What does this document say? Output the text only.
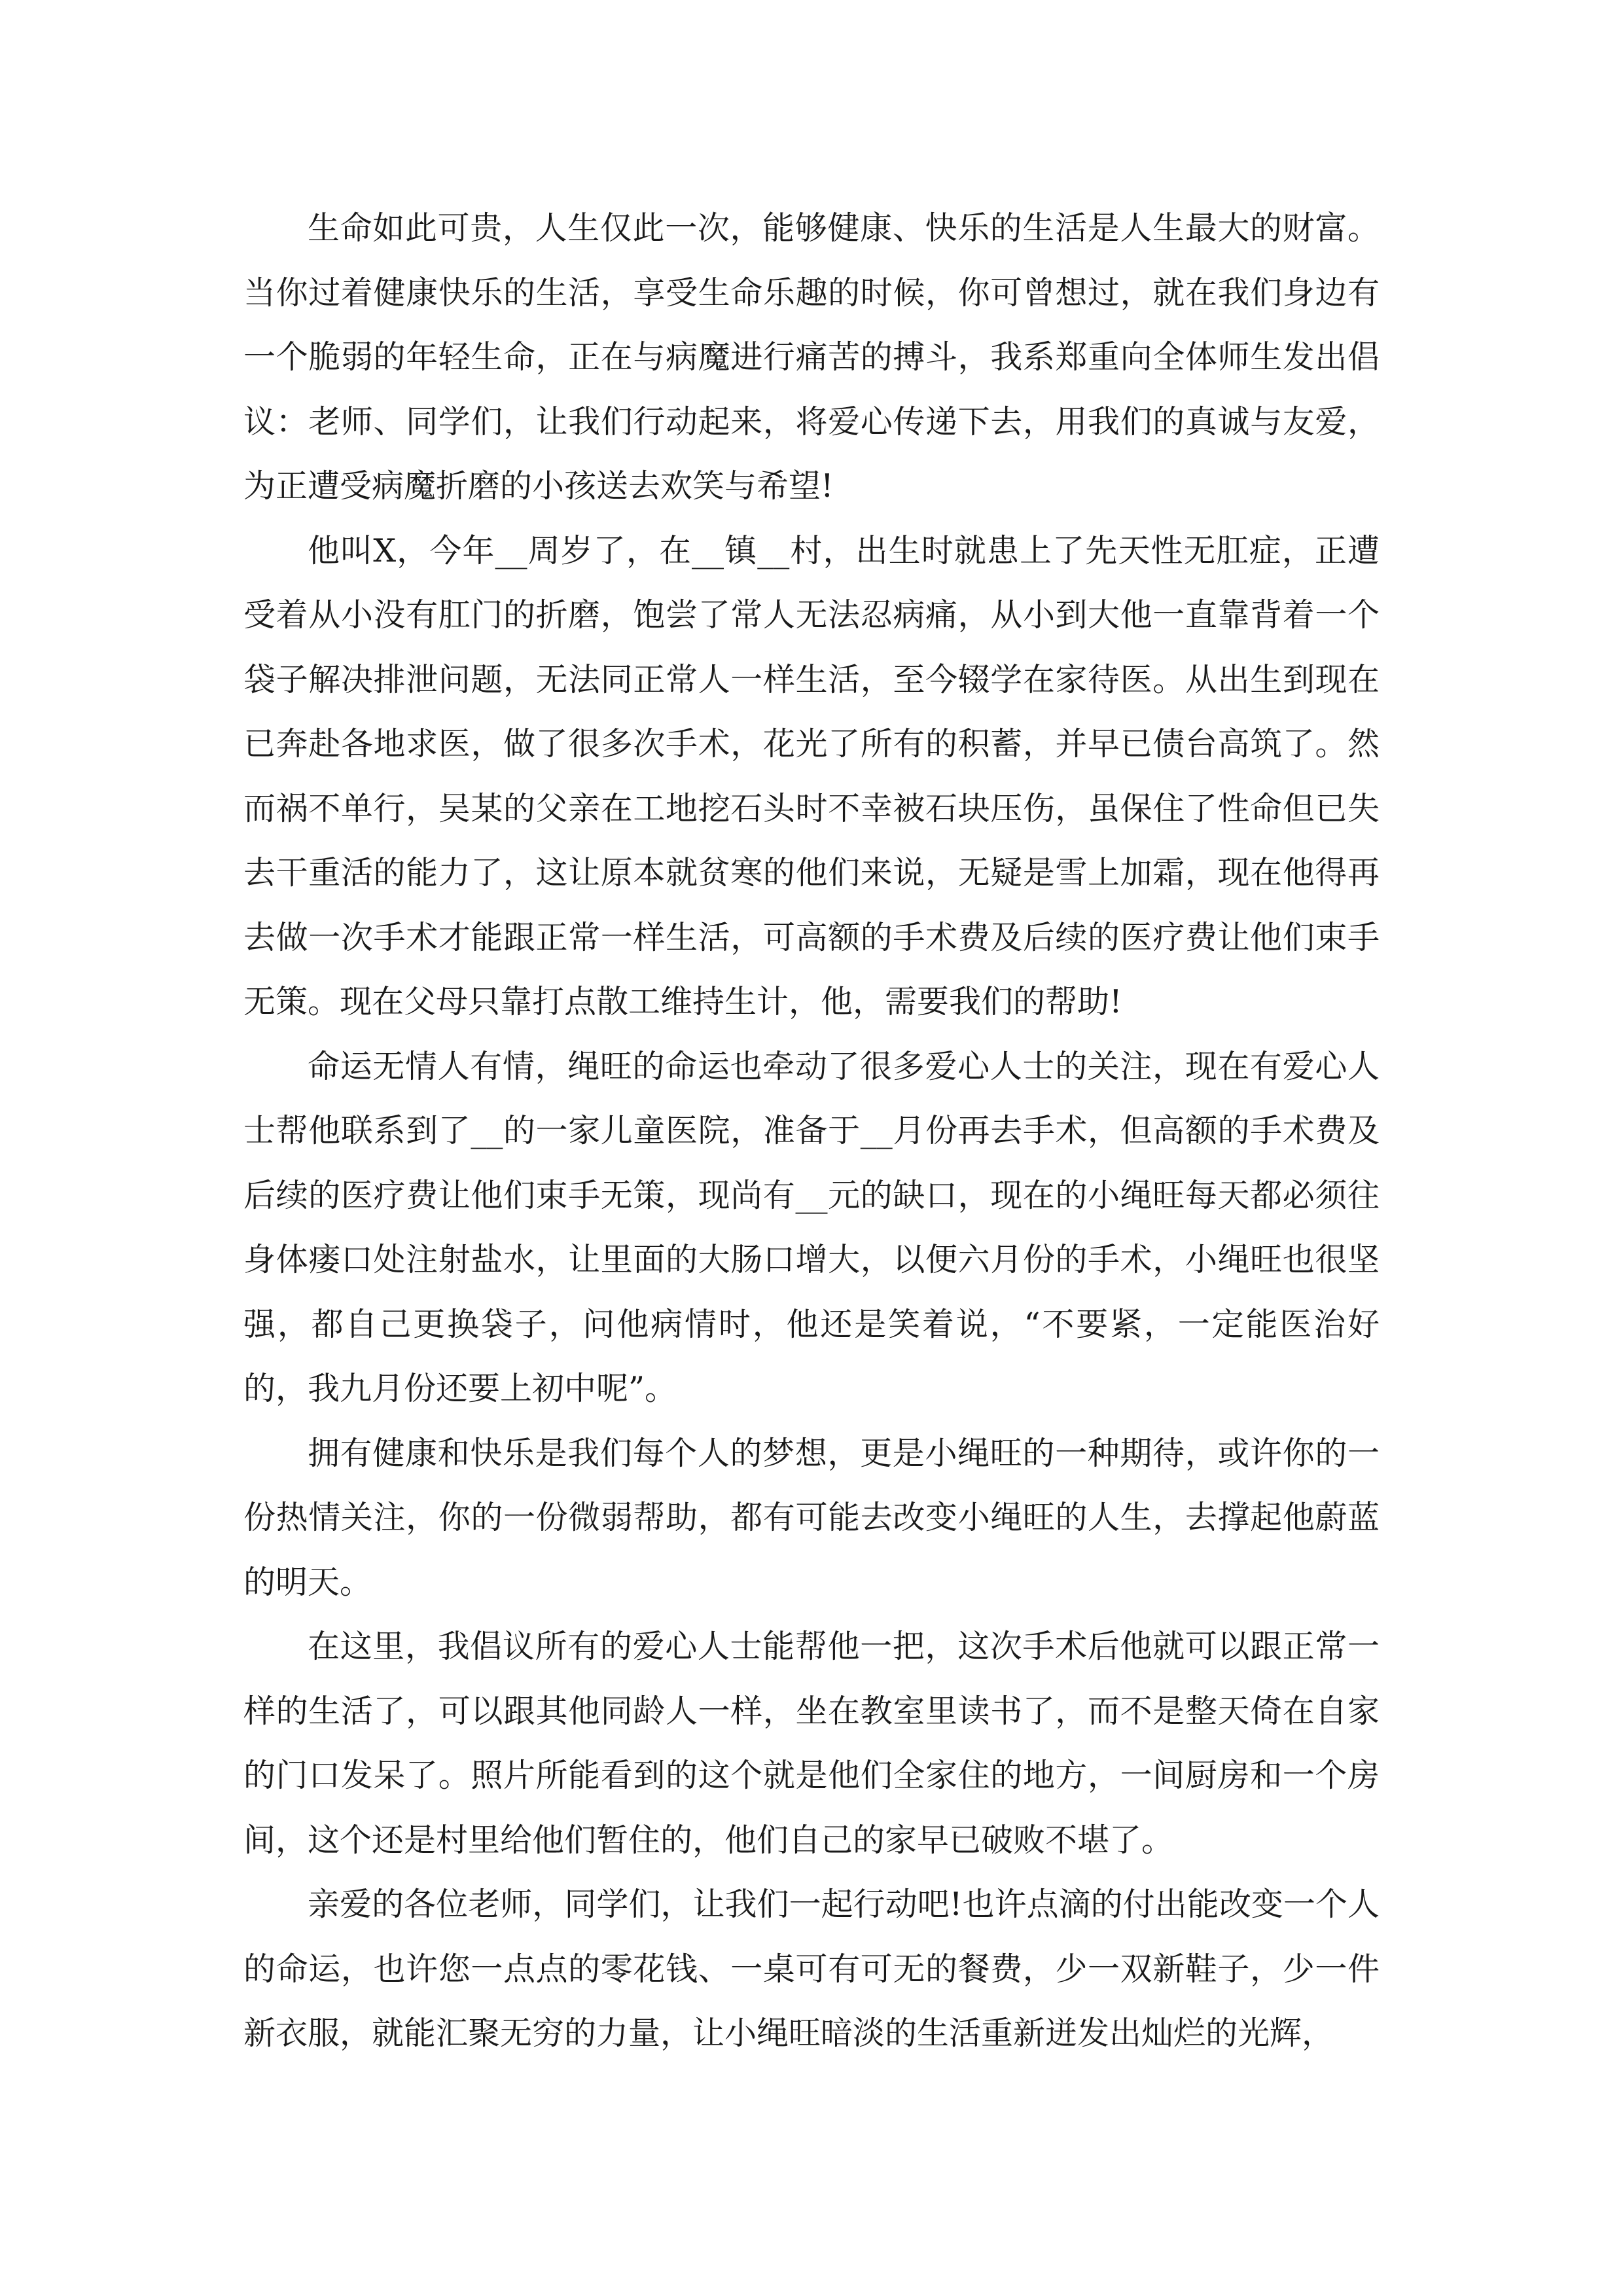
生命如此可贵，人生仅此一次，能够健康、快乐的生活是人生最大的财富。当你过着健康快乐的生活，享受生命乐趣的时候，你可曾想过，就在我们身边有一个脆弱的年轻生命，正在与病魔进行痛苦的搏斗，我系郑重向全体师生发出倡议：老师、同学们，让我们行动起来，将爱心传递下去，用我们的真诚与友爱，为正遭受病魔折磨的小孩送去欢笑与希望!

他叫X，今年__周岁了，在__镇__村，出生时就患上了先天性无肛症，正遭受着从小没有肛门的折磨，饱尝了常人无法忍病痛，从小到大他一直靠背着一个袋子解决排泄问题，无法同正常人一样生活，至今辍学在家待医。从出生到现在已奔赴各地求医，做了很多次手术，花光了所有的积蓄，并早已债台高筑了。然而祸不单行，吴某的父亲在工地挖石头时不幸被石块压伤，虽保住了性命但已失去干重活的能力了，这让原本就贫寒的他们来说，无疑是雪上加霜，现在他得再去做一次手术才能跟正常一样生活，可高额的手术费及后续的医疗费让他们束手无策。现在父母只靠打点散工维持生计，他，需要我们的帮助!

命运无情人有情，绳旺的命运也牵动了很多爱心人士的关注，现在有爱心人士帮他联系到了__的一家儿童医院，准备于__月份再去手术，但高额的手术费及后续的医疗费让他们束手无策，现尚有__元的缺口，现在的小绳旺每天都必须往身体瘘口处注射盐水，让里面的大肠口增大，以便六月份的手术，小绳旺也很坚强，都自己更换袋子，问他病情时，他还是笑着说，“不要紧，一定能医治好的，我九月份还要上初中呢”。

拥有健康和快乐是我们每个人的梦想，更是小绳旺的一种期待，或许你的一份热情关注，你的一份微弱帮助，都有可能去改变小绳旺的人生，去撑起他蔚蓝的明天。

在这里，我倡议所有的爱心人士能帮他一把，这次手术后他就可以跟正常一样的生活了，可以跟其他同龄人一样，坐在教室里读书了，而不是整天倚在自家的门口发呆了。照片所能看到的这个就是他们全家住的地方，一间厨房和一个房间，这个还是村里给他们暂住的，他们自己的家早已破败不堪了。

亲爱的各位老师，同学们，让我们一起行动吧!也许点滴的付出能改变一个人的命运，也许您一点点的零花钱、一桌可有可无的餐费，少一双新鞋子，少一件新衣服，就能汇聚无穷的力量，让小绳旺暗淡的生活重新迸发出灿烂的光辉，
